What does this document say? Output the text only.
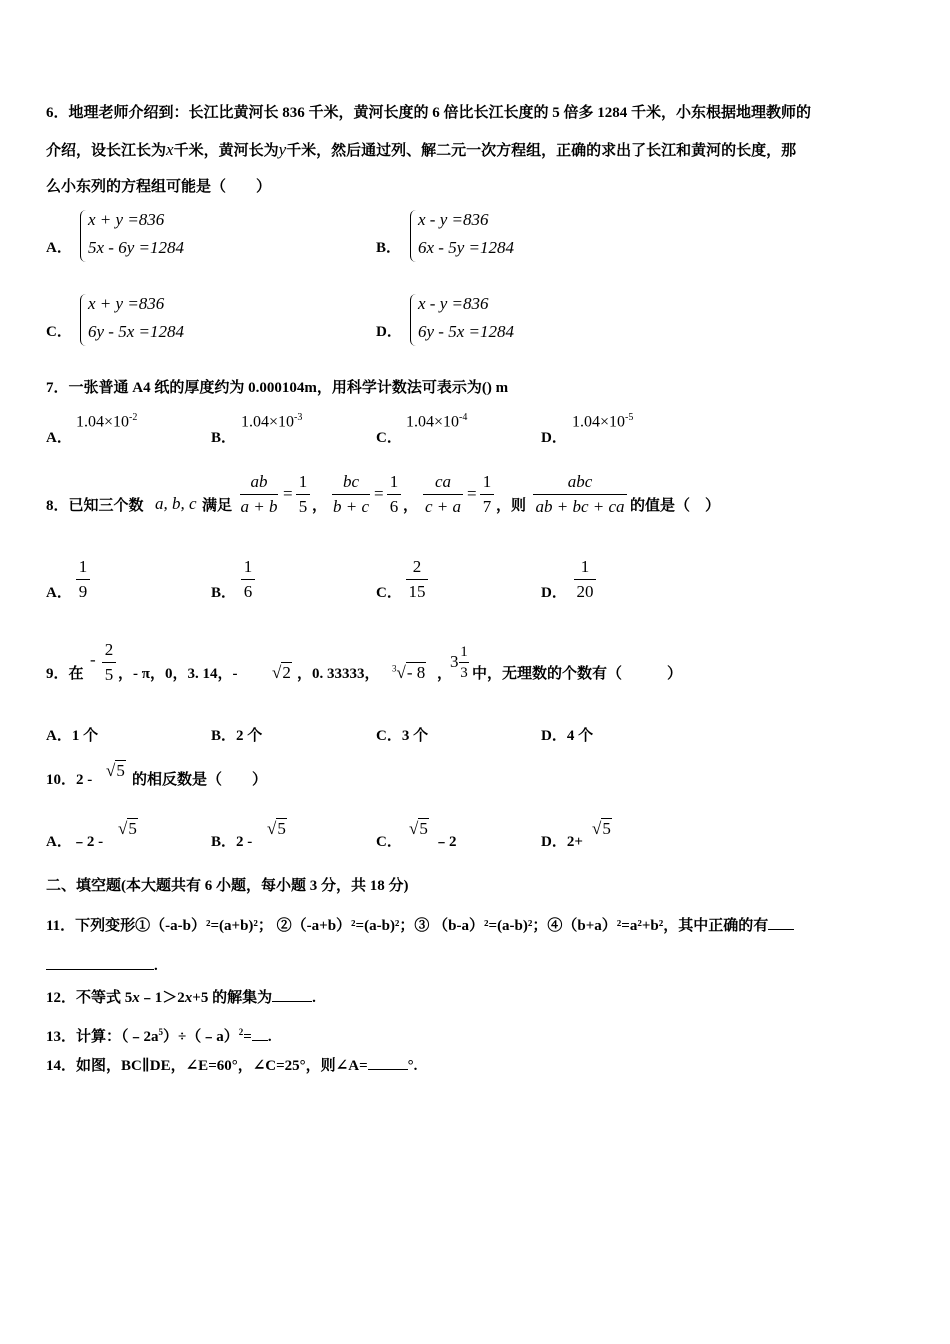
6．地理老师介绍到：长江比黄河长 836 千米，黄河长度的 6 倍比长江长度的 5 倍多 1284 千米，小东根据地理教师的
介绍，设长江长为x千米，黄河长为y千米，然后通过列、解二元一次方程组，正确的求出了长江和黄河的长度，那
么小东列的方程组可能是（　　）
A．
x + y =836
5x - 6y =1284	B．
x - y =836
6x - 5y =1284
C．
x + y =836
6y - 5x =1284	D．
x - y =836
6y - 5x =1284
7．一张普通 A4 纸的厚度约为 0.000104m，用科学计数法可表示为() m
A．
$1.04\times 10^{-2}$
B．
$1.04\times 10^{-3}$
C．
$1.04\times 10^{-4}$
D．
$1.04\times 10^{-5}$
8．已知三个数 a, b, c 满足
ab
a + b
=
1
5 ，
bc
b + c
=
1
6 ，
ca
c + a
=
1
7 ，则
abc
ab + bc + ca 的值是（　）
A．
1
9	B．
1
6	C．
2
15	D．
1
20
9．在
-
2
5 ，- π，0，3. 14，- √2 ，0. 33333， $^3$√- 8 ，
3 1
3 中，无理数的个数有（　　　）
A．1 个	B．2 个	C．3 个	D．4 个
10．2 - √5 的相反数是（　　）
A．﹣2 -
√5
B．2 -
√5
C．
√5
﹣2	D．2+
√5
二、填空题(本大题共有 6 小题，每小题 3 分，共 18 分)
11．下列变形①（-a-b）²=(a+b)²； ②（-a+b）²=(a-b)²；③ （b-a）²=(a-b)²；④（b+a）²=a²+b²，其中正确的有
.
12．不等式 5x﹣1＞2x+5 的解集为	.
13．计算：$(﹣2a^5)\div(﹣a)^2=$ .
14．如图，BC∥DE，∠E=60°，∠C=25°，则∠A=	°.
